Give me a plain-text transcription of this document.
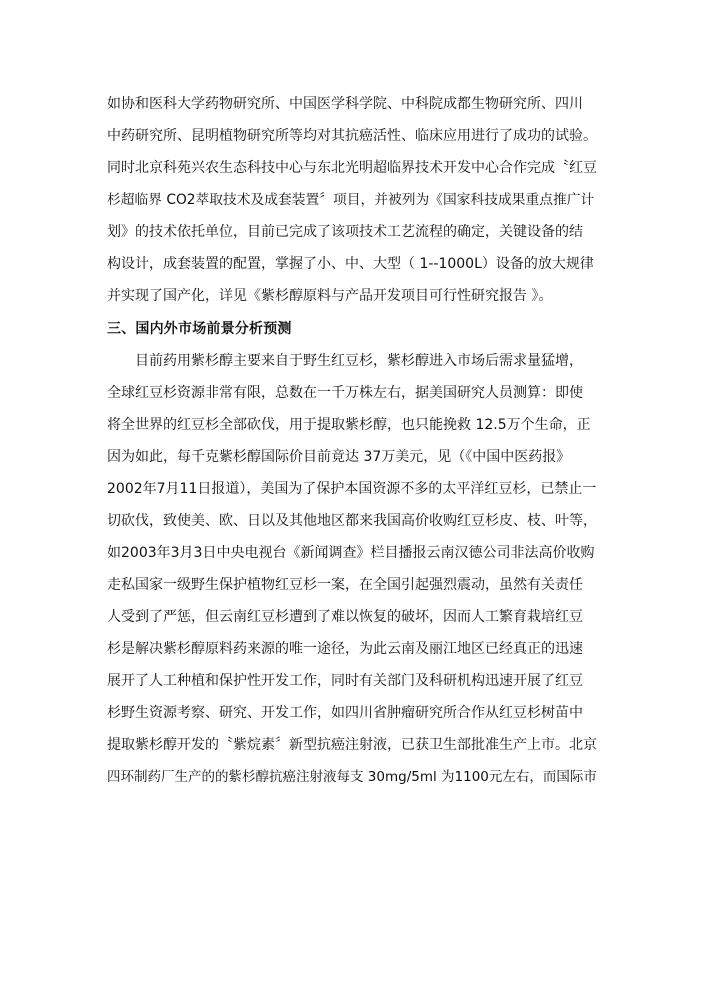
如协和医科大学药物研究所、中国医学科学院、中科院成都生物研究所、四川

中药研究所、昆明植物研究所等均对其抗癌活性、临床应用进行了成功的试验。

同时北京科苑兴农生态科技中心与东北光明超临界技术开发中心合作完成〝红豆

杉超临界 CO2萃取技术及成套装置〞项目，并被列为《国家科技成果重点推广计

划》的技术依托单位，目前已完成了该项技术工艺流程的确定，关键设备的结

构设计，成套装置的配置，掌握了小、中、大型（ 1--1000L）设备的放大规律

并实现了国产化，详见《紫杉醇原料与产品开发项目可行性研究报告 》。

三、国内外市场前景分析预测

目前药用紫杉醇主要来自于野生红豆杉，紫杉醇进入市场后需求量猛增，

全球红豆杉资源非常有限，总数在一千万株左右，据美国研究人员测算：即使

将全世界的红豆杉全部砍伐，用于提取紫杉醇，也只能挽救 12.5万个生命，正

因为如此，每千克紫杉醇国际价目前竟达 37万美元，见（《中国中医药报》

2002年7月11日报道），美国为了保护本国资源不多的太平洋红豆杉，已禁止一

切砍伐，致使美、欧、日以及其他地区都来我国高价收购红豆杉皮、枝、叶等，

如2003年3月3日中央电视台《新闻调查》栏目播报云南汉德公司非法高价收购

走私国家一级野生保护植物红豆杉一案，在全国引起强烈震动，虽然有关责任

人受到了严惩，但云南红豆杉遭到了难以恢复的破坏，因而人工繁育栽培红豆

杉是解决紫杉醇原料药来源的唯一途径，为此云南及丽江地区已经真正的迅速

展开了人工种植和保护性开发工作，同时有关部门及科研机构迅速开展了红豆

杉野生资源考察、研究、开发工作，如四川省肿瘤研究所合作从红豆杉树苗中

提取紫杉醇开发的〝紫烷素〞新型抗癌注射液，已获卫生部批准生产上市。北京

四环制药厂生产的的紫杉醇抗癌注射液每支 30mg/5ml 为1100元左右，而国际市
